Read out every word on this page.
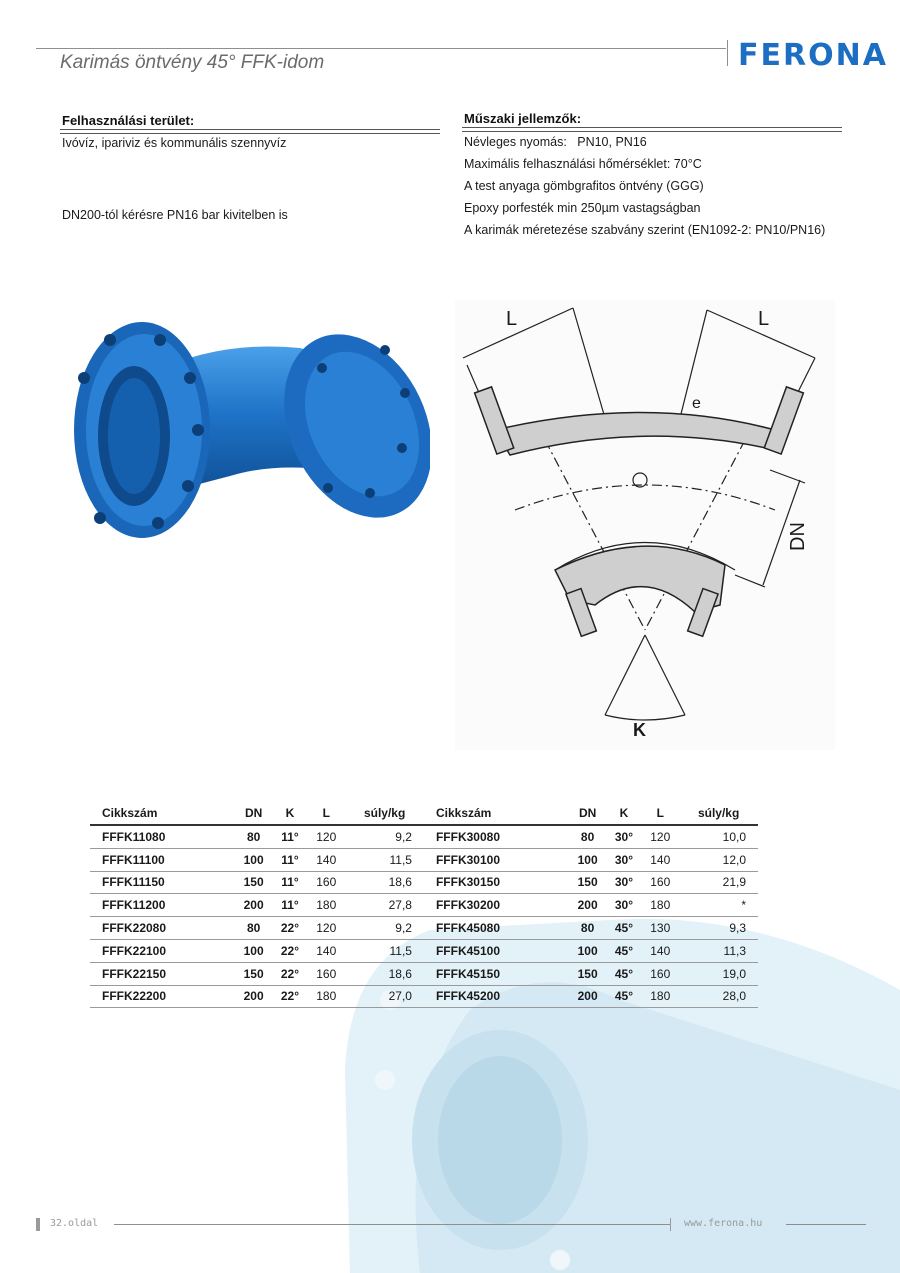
Karimás öntvény 45° FFK-idom	FERONA
Felhasználási terület:
Ivóvíz, ipariviz és kommunális szennyvíz
DN200-tól kérésre PN16 bar kivitelben is
Műszaki jellemzők:
Névleges nyomás:   PN10, PN16
Maximális felhasználási hőmérséklet: 70°C
A test anyaga gömbgrafitos öntvény (GGG)
Epoxy porfesték min 250µm vastagságban
A karimák méretezése szabvány szerint (EN1092-2: PN10/PN16)
L	L
e
DN
K
Cikkszám	DN	K	L	súly/kg	Cikkszám	DN	K	L	súly/kg
FFFK11080	80	11°	120	9,2	FFFK30080	80	30°	120	10,0
FFFK11100	100	11°	140	11,5	FFFK30100	100	30°	140	12,0
FFFK11150	150	11°	160	18,6	FFFK30150	150	30°	160	21,9
FFFK11200	200	11°	180	27,8	FFFK30200	200	30°	180	*
FFFK22080	80	22°	120	9,2	FFFK45080	80	45°	130	9,3
FFFK22100	100	22°	140	11,5	FFFK45100	100	45°	140	11,3
FFFK22150	150	22°	160	18,6	FFFK45150	150	45°	160	19,0
FFFK22200	200	22°	180	27,0	FFFK45200	200	45°	180	28,0
32.oldal	www.ferona.hu
